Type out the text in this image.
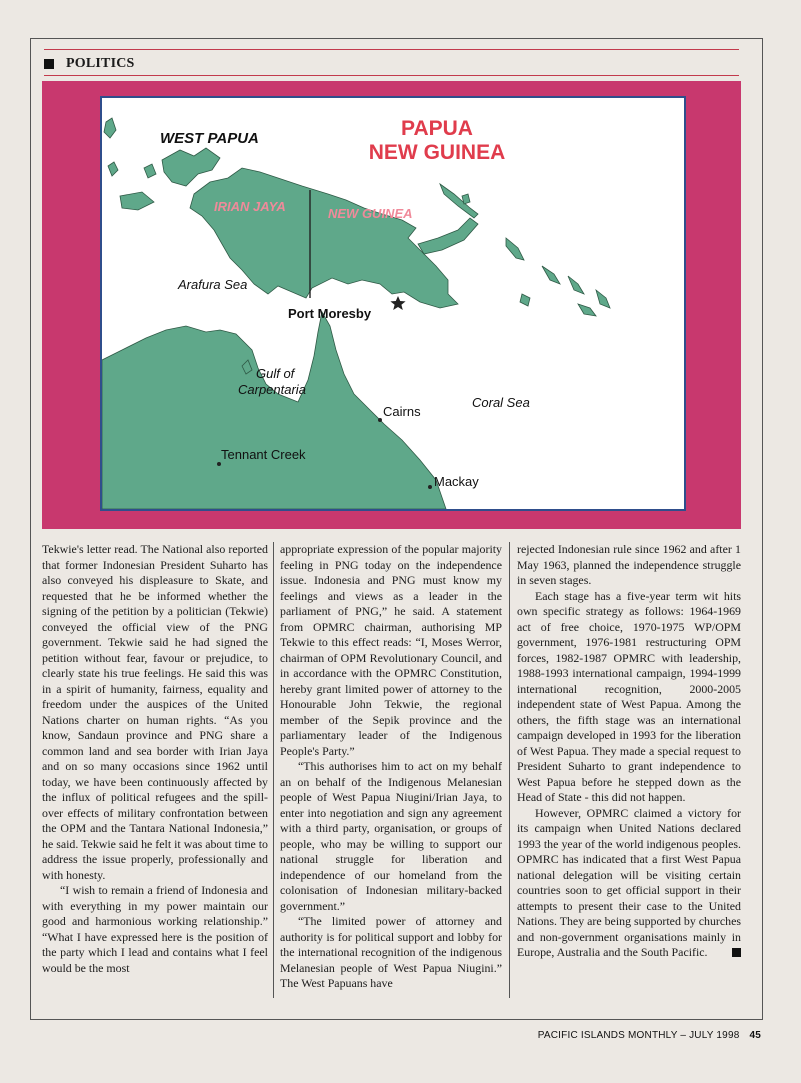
POLITICS
PAPUA
NEW GUINEA
WEST PAPUA
IRIAN JAYA	NEW GUINEA
Arafura Sea
Port Moresby
Gulf of
Carpentaria
Cairns
Coral Sea
Tennant Creek
Mackay

Tekwie's letter read. The National also reported that former Indonesian President Suharto has also conveyed his displeasure to Skate, and requested that he be informed whether the signing of the petition by a politician (Tekwie) conveyed the official view of the PNG government. Tekwie said he had signed the petition without fear, favour or prejudice, to clearly state his true feelings. He said this was in a spirit of humanity, fairness, equality and freedom under the auspices of the United Nations charter on human rights. “As you know, Sandaun province and PNG share a common land and sea border with Irian Jaya and on so many occasions since 1962 until today, we have been continuously affected by the influx of political refugees and the spill-over effects of military confrontation between the OPM and the Tantara National Indonesia,” he said. Tekwie said he felt it was about time to address the issue properly, professionally and with honesty.

“I wish to remain a friend of Indonesia and with everything in my power maintain our good and harmonious working relationship.” “What I have expressed here is the position of the party which I lead and contains what I feel would be the most

appropriate expression of the popular majority feeling in PNG today on the independence issue. Indonesia and PNG must know my feelings and views as a leader in the parliament of PNG,” he said. A statement from OPMRC chairman, authorising MP Tekwie to this effect reads: “I, Moses Werror, chairman of OPM Revolutionary Council, and in accordance with the OPMRC Constitution, hereby grant limited power of attorney to the Honourable John Tekwie, the regional member of the Sepik province and the parliamentary leader of the Indigenous People's Party.”

“This authorises him to act on my behalf an on behalf of the Indigenous Melanesian people of West Papua Niugini/Irian Jaya, to enter into negotiation and sign any agreement with a third party, organisation, or groups of people, who may be willing to support our national struggle for liberation and independence of our homeland from the colonisation of Indonesian military-backed government.”

“The limited power of attorney and authority is for political support and lobby for the international recognition of the indigenous Melanesian people of West Papua Niugini.” The West Papuans have

rejected Indonesian rule since 1962 and after 1 May 1963, planned the independence struggle in seven stages.

Each stage has a five-year term wit hits own specific strategy as follows: 1964-1969 act of free choice, 1970-1975 WP/OPM government, 1976-1981 restructuring OPM forces, 1982-1987 OPMRC with leadership, 1988-1993 international campaign, 1994-1999 international recognition, 2000-2005 independent state of West Papua. Among the others, the fifth stage was an international campaign developed in 1993 for the liberation of West Papua. They made a special request to President Suharto to grant independence to West Papua before he stepped down as the Head of State - this did not happen.

However, OPMRC claimed a victory for its campaign when United Nations declared 1993 the year of the world indigenous peoples. OPMRC has indicated that a first West Papua national delegation will be visiting certain countries soon to get official support in their attempts to present their case to the United Nations. They are being supported by churches and non-government organisations mainly in Europe, Australia and the South Pacific.

PACIFIC ISLANDS MONTHLY – JULY 1998 45
